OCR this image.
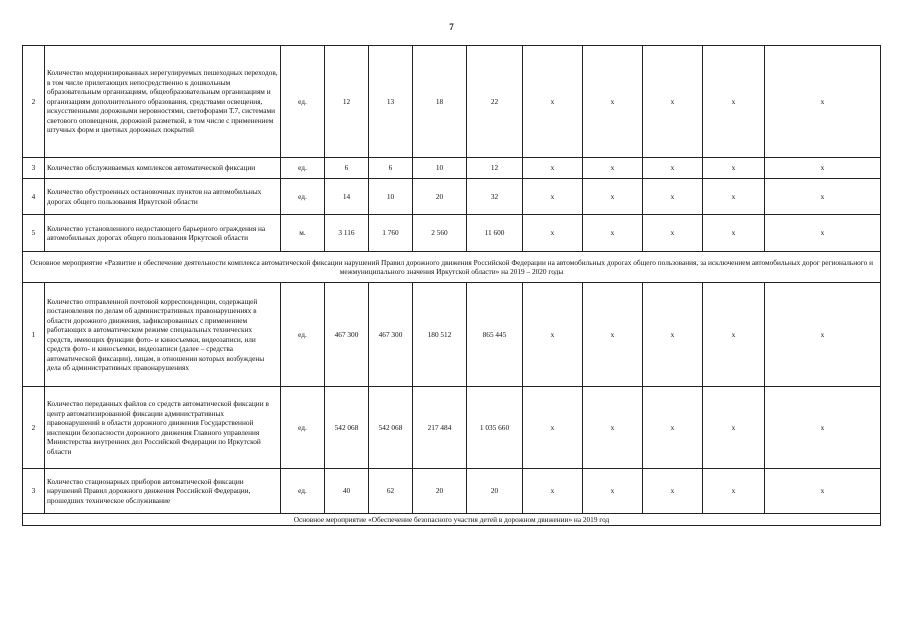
7
2	Количество модернизированных нерегулируемых пешеходных переходов, в том числе прилегающих непосредственно к дошкольным образовательным организациям, общеобразовательным организациям и организациям дополнительного образования, средствами освещения, искусственными дорожными неровностями, светофорами Т.7, системами светового оповещения, дорожной разметкой, в том числе с применением штучных форм и цветных дорожных покрытий	ед.	12	13	18	22	x	x	x	x	x
3	Количество обслуживаемых комплексов автоматической фиксации	ед.	6	6	10	12	x	x	x	x	x
4	Количество обустроенных остановочных пунктов на автомобильных дорогах общего пользования Иркутской области	ед.	14	10	20	32	x	x	x	x	x
5	Количество установленного недостающего барьерного ограждения на автомобильных дорогах общего пользования Иркутской области	м.	3 116	1 760	2 560	11 600	x	x	x	x	x
Основное мероприятие «Развитие и обеспечение деятельности комплекса автоматической фиксации нарушений Правил дорожного движения Российской Федерации на автомобильных дорогах общего пользования, за исключением автомобильных дорог регионального и межмуниципального значения Иркутской области» на 2019 – 2020 годы											
1	Количество отправленной почтовой корреспонденции, содержащей постановления по делам об административных правонарушениях в области дорожного движения, зафиксированных с применением работающих в автоматическом режиме специальных технических средств, имеющих функции фото- и киносъемки, видеозаписи, или средств фото- и киносъемки, видеозаписи (далее – средства автоматической фиксации), лицам, в отношении которых возбуждены дела об административных правонарушениях	ед.	467 300	467 300	180 512	865 445	x	x	x	x	x
2	Количество переданных файлов со средств автоматической фиксации в центр автоматизированной фиксации административных правонарушений в области дорожного движения Государственной инспекции безопасности дорожного движения Главного управления Министерства внутренних дел Российской Федерации по Иркутской области	ед.	542 068	542 068	217 484	1 035 660	x	x	x	x	x
3	Количество стационарных приборов автоматической фиксации нарушений Правил дорожного движения Российской Федерации, прошедших техническое обслуживание	ед.	40	62	20	20	x	x	x	x	x
Основное мероприятие «Обеспечение безопасного участия детей в дорожном движении» на 2019 год											
